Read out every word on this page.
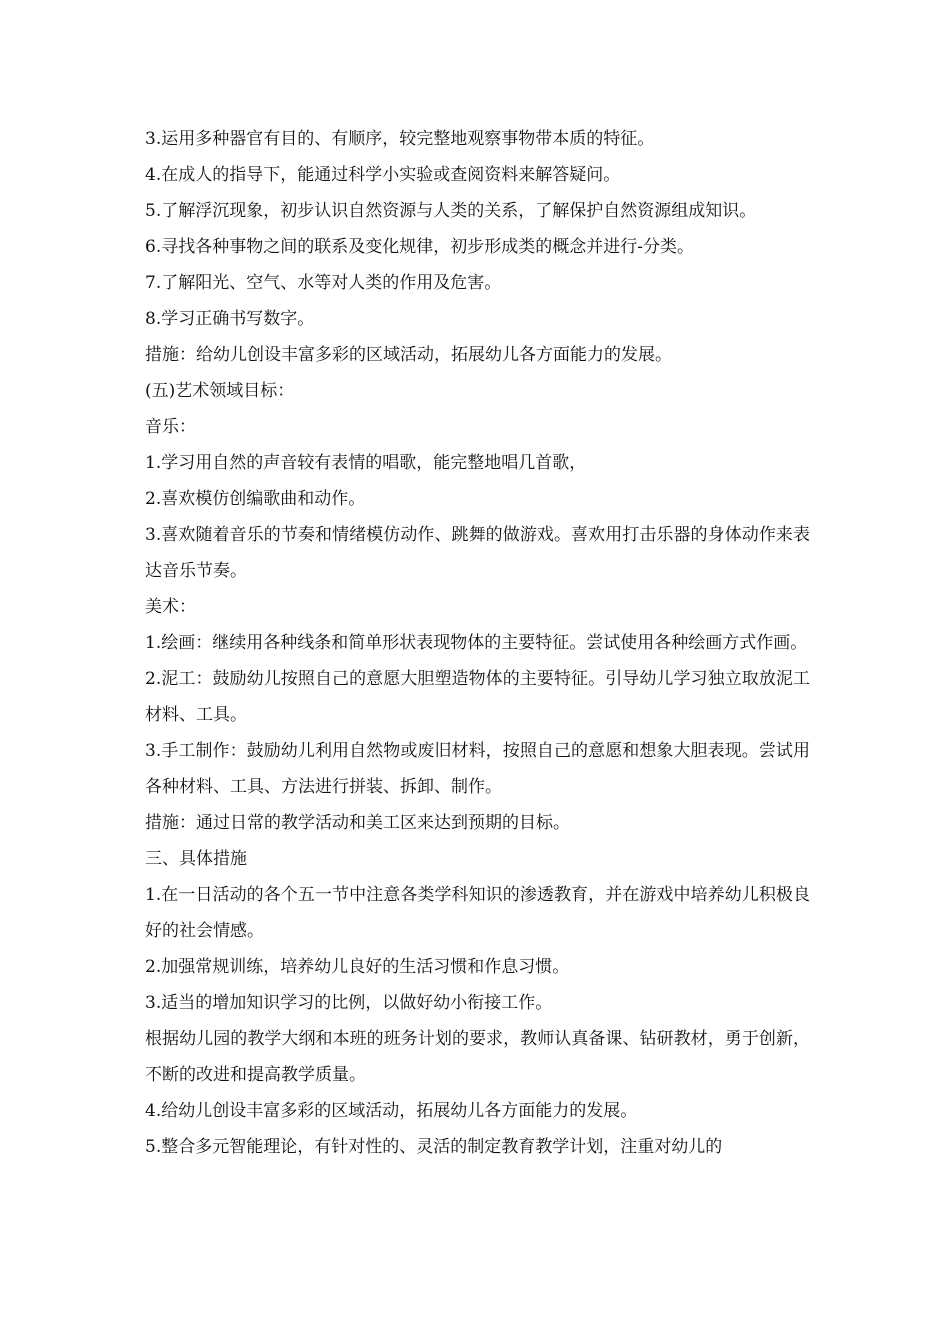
3.运用多种器官有目的、有顺序，较完整地观察事物带本质的特征。

4.在成人的指导下，能通过科学小实验或查阅资料来解答疑问。

5.了解浮沉现象，初步认识自然资源与人类的关系，了解保护自然资源组成知识。

6.寻找各种事物之间的联系及变化规律，初步形成类的概念并进行-分类。

7.了解阳光、空气、水等对人类的作用及危害。

8.学习正确书写数字。

措施：给幼儿创设丰富多彩的区域活动，拓展幼儿各方面能力的发展。

(五)艺术领域目标：

音乐：

1.学习用自然的声音较有表情的唱歌，能完整地唱几首歌，

2.喜欢模仿创编歌曲和动作。

3.喜欢随着音乐的节奏和情绪模仿动作、跳舞的做游戏。喜欢用打击乐器的身体动作来表达音乐节奏。

美术：

1.绘画：继续用各种线条和简单形状表现物体的主要特征。尝试使用各种绘画方式作画。

2.泥工：鼓励幼儿按照自己的意愿大胆塑造物体的主要特征。引导幼儿学习独立取放泥工材料、工具。

3.手工制作：鼓励幼儿利用自然物或废旧材料，按照自己的意愿和想象大胆表现。尝试用各种材料、工具、方法进行拼装、拆卸、制作。

措施：通过日常的教学活动和美工区来达到预期的目标。

三、具体措施

1.在一日活动的各个五一节中注意各类学科知识的渗透教育，并在游戏中培养幼儿积极良好的社会情感。

2.加强常规训练，培养幼儿良好的生活习惯和作息习惯。

3.适当的增加知识学习的比例，以做好幼小衔接工作。

根据幼儿园的教学大纲和本班的班务计划的要求，教师认真备课、钻研教材，勇于创新，不断的改进和提高教学质量。

4.给幼儿创设丰富多彩的区域活动，拓展幼儿各方面能力的发展。

5.整合多元智能理论，有针对性的、灵活的制定教育教学计划，注重对幼儿的
